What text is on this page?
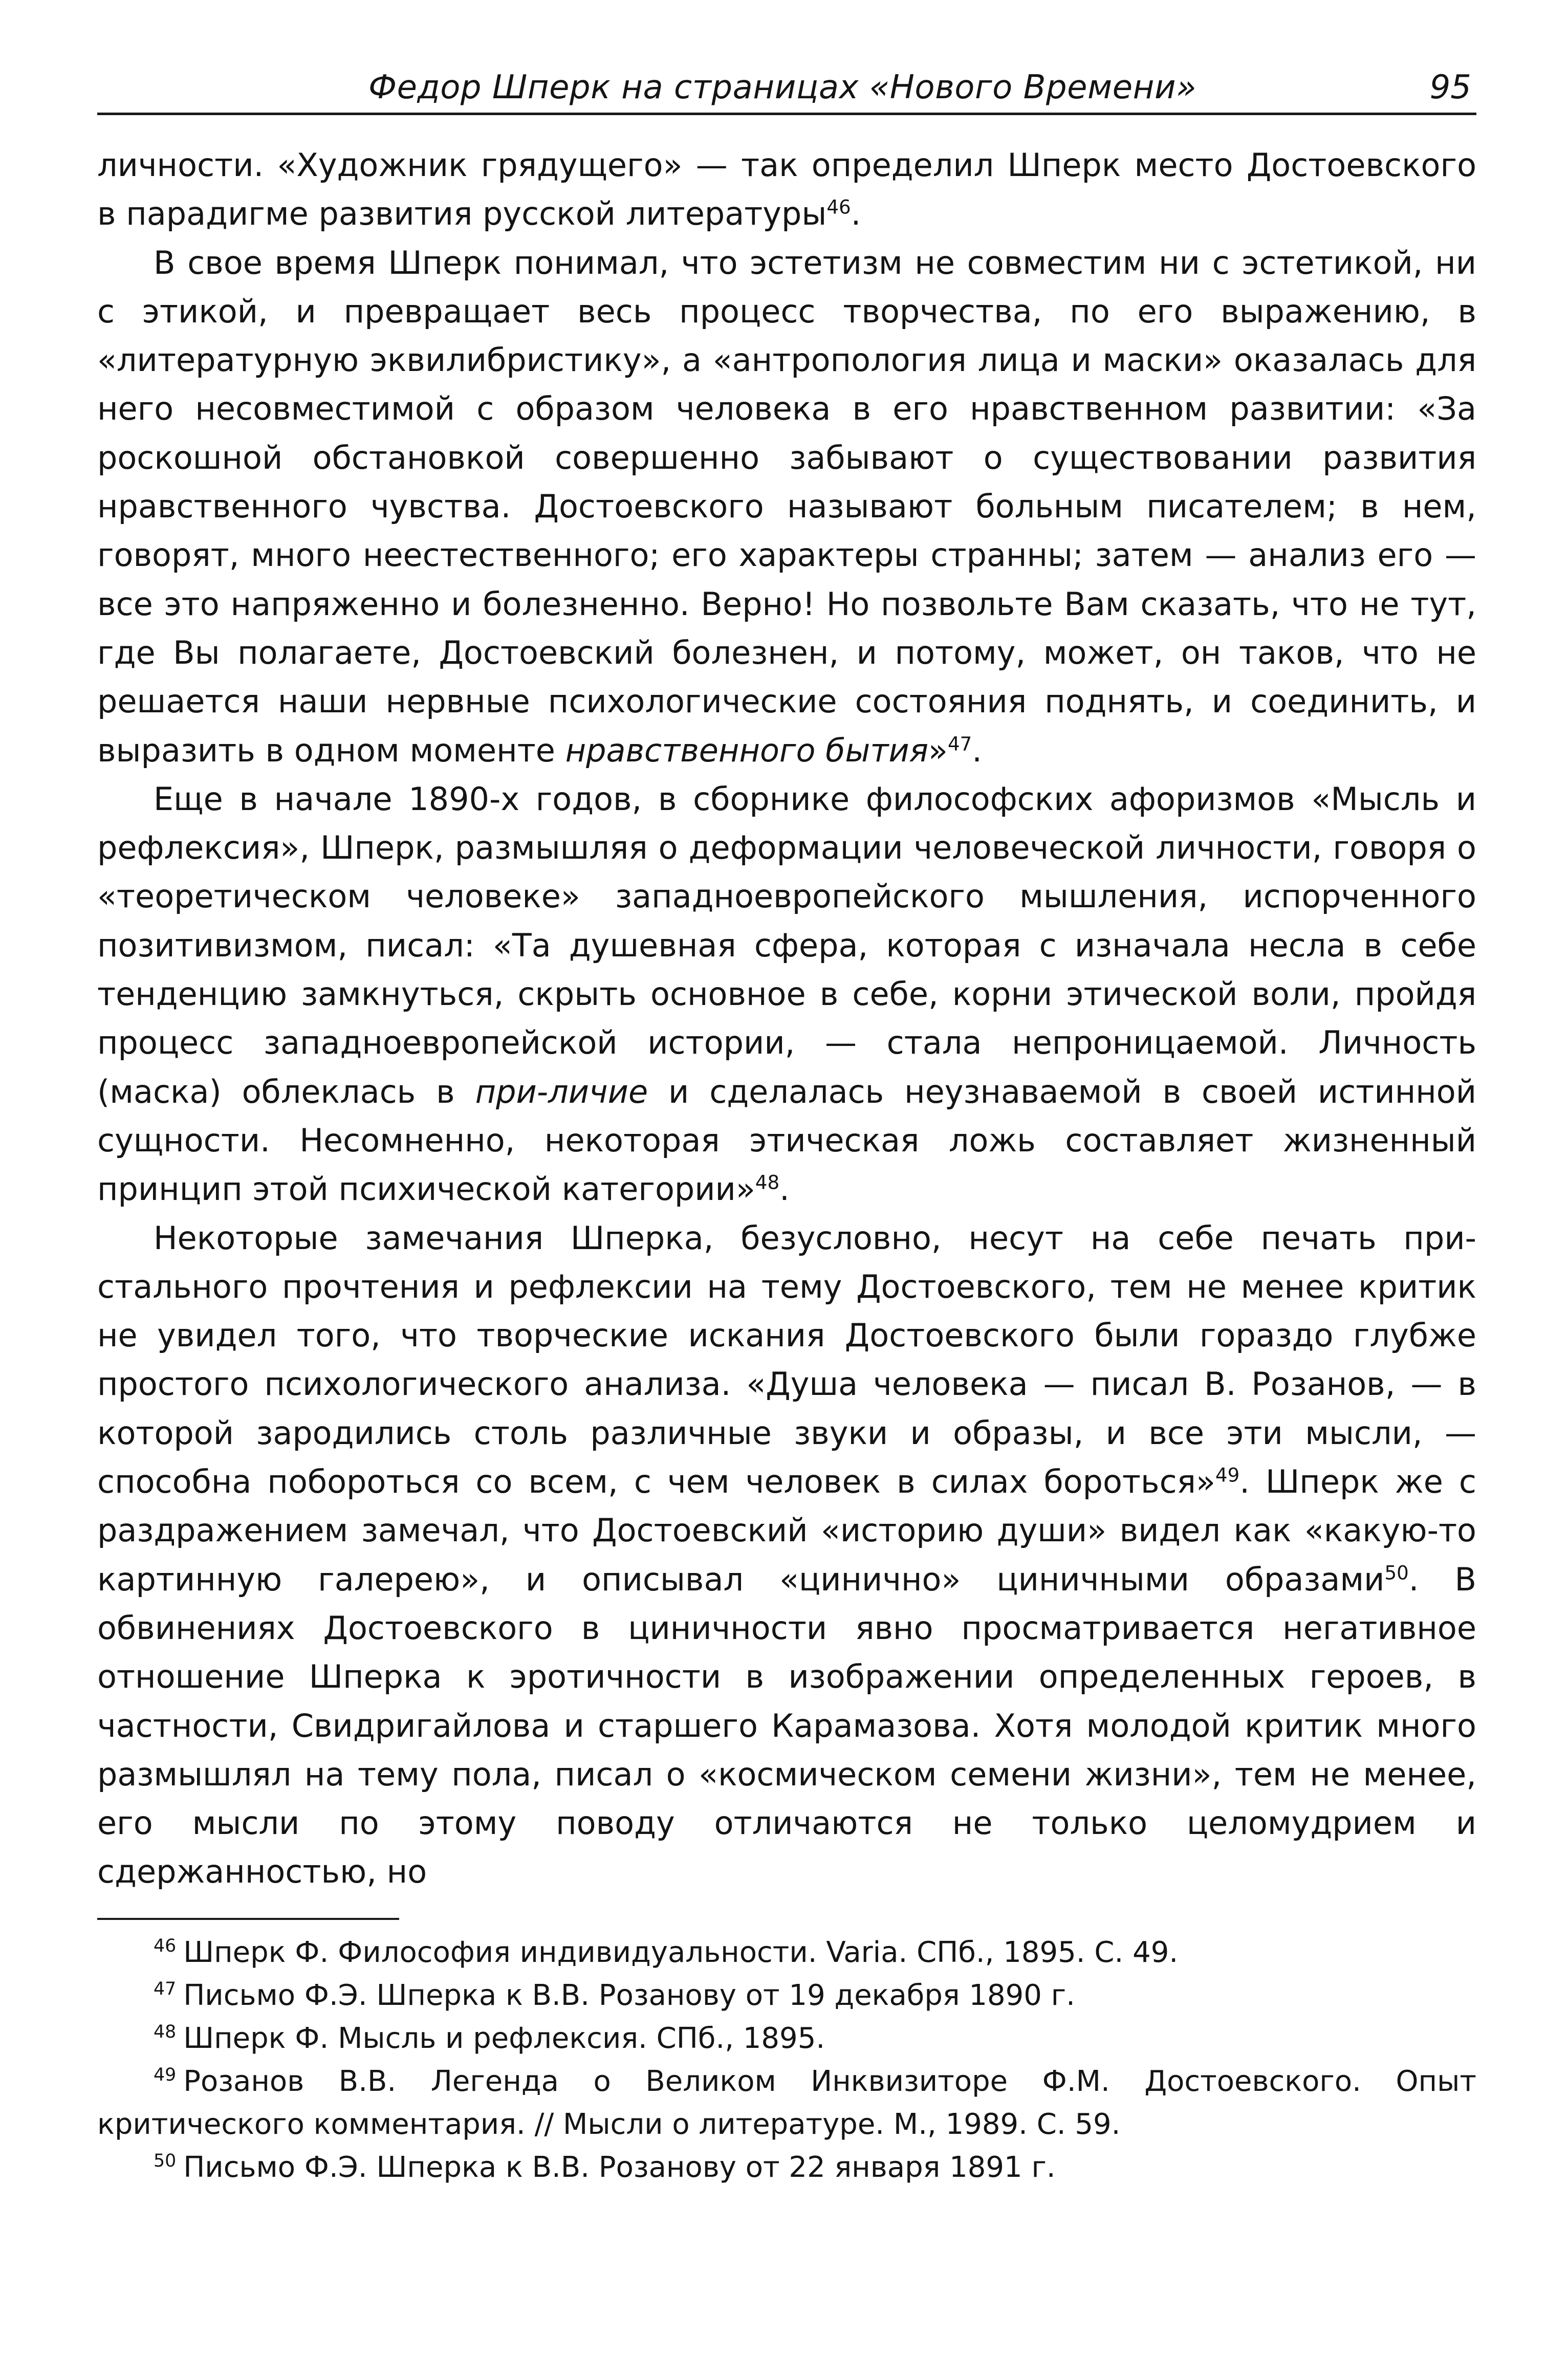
Федор Шперк на страницах «Нового Времени»	95

личности. «Художник грядущего» — так определил Шперк место Достоевского в парадигме развития русской литературы$^{46}$.

В свое время Шперк понимал, что эстетизм не совместим ни с эстетикой, ни с этикой, и превращает весь процесс творчества, по его выражению, в «литературную эквилибристику», а «антропология лица и маски» оказалась для него несовместимой с образом человека в его нравственном развитии: «За роскошной обстановкой совершенно забывают о существовании развития нравственного чувства. Достоевского называют больным писателем; в нем, говорят, много неестественного; его характеры странны; затем — анализ его — все это напряженно и болезненно. Верно! Но позвольте Вам сказать, что не тут, где Вы полагаете, Достоевский болезнен, и потому, может, он таков, что не решается наши нервные психологические состояния поднять, и соединить, и выразить в одном моменте нравственного бытия»$^{47}$.

Еще в начале 1890-х годов, в сборнике философских афоризмов «Мысль и рефлексия», Шперк, размышляя о деформации человеческой личности, говоря о «теоретическом человеке» западноевропейского мышления, испорченного позитивизмом, писал: «Та душевная сфера, которая с изначала несла в себе тенденцию замкнуться, скрыть основное в себе, корни этической воли, пройдя процесс западноевропейской истории, — стала непроницаемой. Личность (маска) облеклась в при-личие и сделалась неузнаваемой в своей истинной сущности. Несомненно, некоторая этическая ложь составляет жизненный принцип этой психической категории»$^{48}$.

Некоторые замечания Шперка, безусловно, несут на себе печать пристального прочтения и рефлексии на тему Достоевского, тем не менее критик не увидел того, что творческие искания Достоевского были гораздо глубже простого психологического анализа. «Душа человека — писал В. Розанов, — в которой зародились столь различные звуки и образы, и все эти мысли, — способна побороться со всем, с чем человек в силах бороться»$^{49}$. Шперк же с раздражением замечал, что Достоевский «историю души» видел как «какую-то картинную галерею», и описывал «цинично» циничными образами$^{50}$. В обвинениях Достоевского в циничности явно просматривается негативное отношение Шперка к эротичности в изображении определенных героев, в частности, Свидригайлова и старшего Карамазова. Хотя молодой критик много размышлял на тему пола, писал о «космическом семени жизни», тем не менее, его мысли по этому поводу отличаются не только целомудрием и сдержанностью, но

$^{46}$ Шперк Ф. Философия индивидуальности. Varia. СПб., 1895. С. 49.

$^{47}$ Письмо Ф.Э. Шперка к В.В. Розанову от 19 декабря 1890 г.

$^{48}$ Шперк Ф. Мысль и рефлексия. СПб., 1895.

$^{49}$ Розанов В.В. Легенда о Великом Инквизиторе Ф.М. Достоевского. Опыт критического комментария. // Мысли о литературе. М., 1989. С. 59.

$^{50}$ Письмо Ф.Э. Шперка к В.В. Розанову от 22 января 1891 г.
